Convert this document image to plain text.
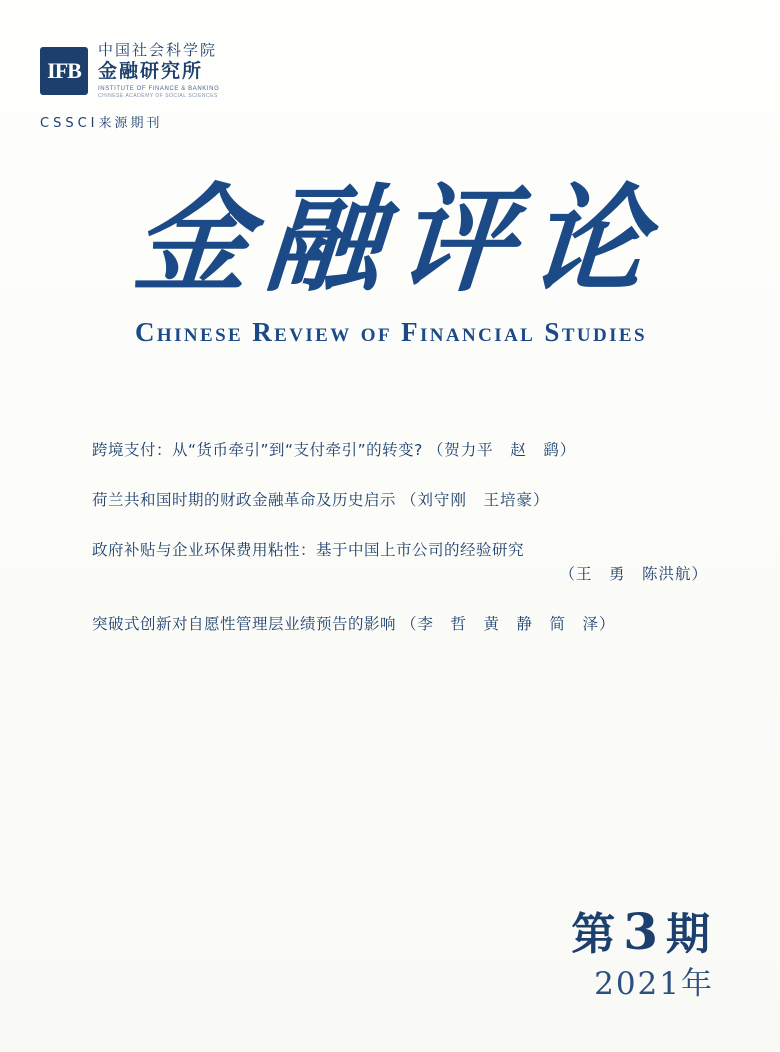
IFB
中国社会科学院
金融研究所
INSTITUTE OF FINANCE & BANKING
CHINESE ACADEMY OF SOCIAL SCIENCES
CSSCI来源期刊
金融评论
Chinese Review of Financial Studies
跨境支付：从“货币牵引”到“支付牵引”的转变? （贺力平　赵　鹞）
荷兰共和国时期的财政金融革命及历史启示 （刘守刚　王培豪）
政府补贴与企业环保费用粘性：基于中国上市公司的经验研究
（王　勇　陈洪航）
突破式创新对自愿性管理层业绩预告的影响 （李　哲　黄　静　简　泽）
第3期
2021年
